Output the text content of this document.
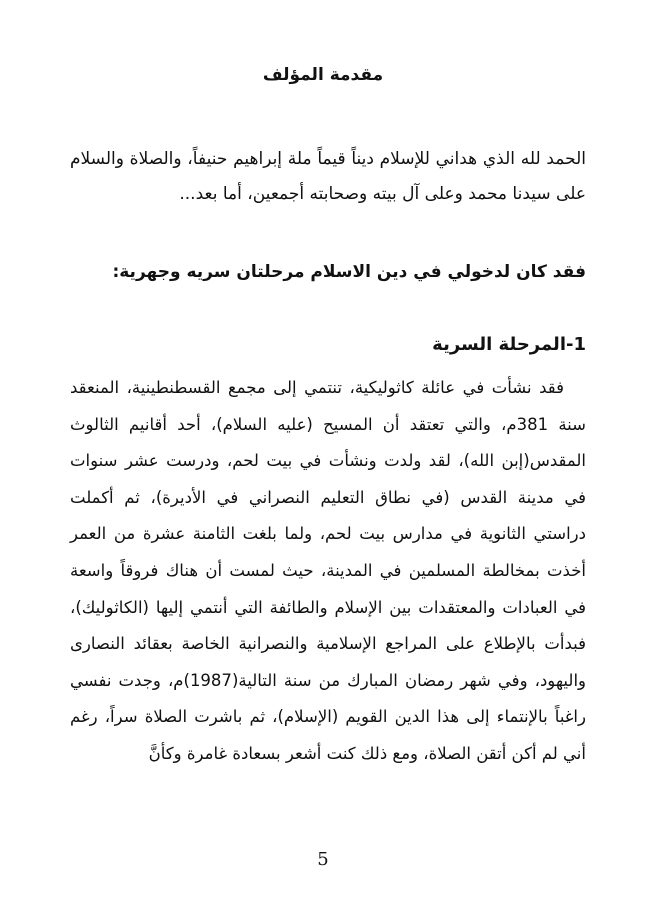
مقدمة المؤلف
الحمد لله الذي هداني للإسلام ديناً قيماً ملة إبراهيم حنيفاً، والصلاة والسلام على سيدنا محمد وعلى آل بيته وصحابته أجمعين، أما بعد...
فقد كان لدخولي في دين الاسلام مرحلتان سريه وجهرية:
1-المرحلة السرية
فقد نشأت في عائلة كاثوليكية، تنتمي إلى مجمع القسطنطينية، المنعقد سنة 381م، والتي تعتقد أن المسيح (عليه السلام)، أحد أقانيم الثالوث المقدس(إبن الله)، لقد ولدت ونشأت في بيت لحم، ودرست عشر سنوات في مدينة القدس (في نطاق التعليم النصراني في الأديرة)، ثم أكملت دراستي الثانوية في مدارس بيت لحم، ولما بلغت الثامنة عشرة من العمر أخذت بمخالطة المسلمين في المدينة، حيث لمست أن هناك فروقاً واسعة في العبادات والمعتقدات بين الإسلام والطائفة التي أنتمي إليها (الكاثوليك)، فبدأت بالإطلاع على المراجع الإسلامية والنصرانية الخاصة بعقائد النصارى واليهود، وفي شهر رمضان المبارك من سنة التالية(1987)م، وجدت نفسي راغباً بالإنتماء إلى هذا الدين القويم (الإسلام)، ثم باشرت الصلاة سراً، رغم أني لم أكن أتقن الصلاة، ومع ذلك كنت أشعر بسعادة غامرة وكأنَّ
5
